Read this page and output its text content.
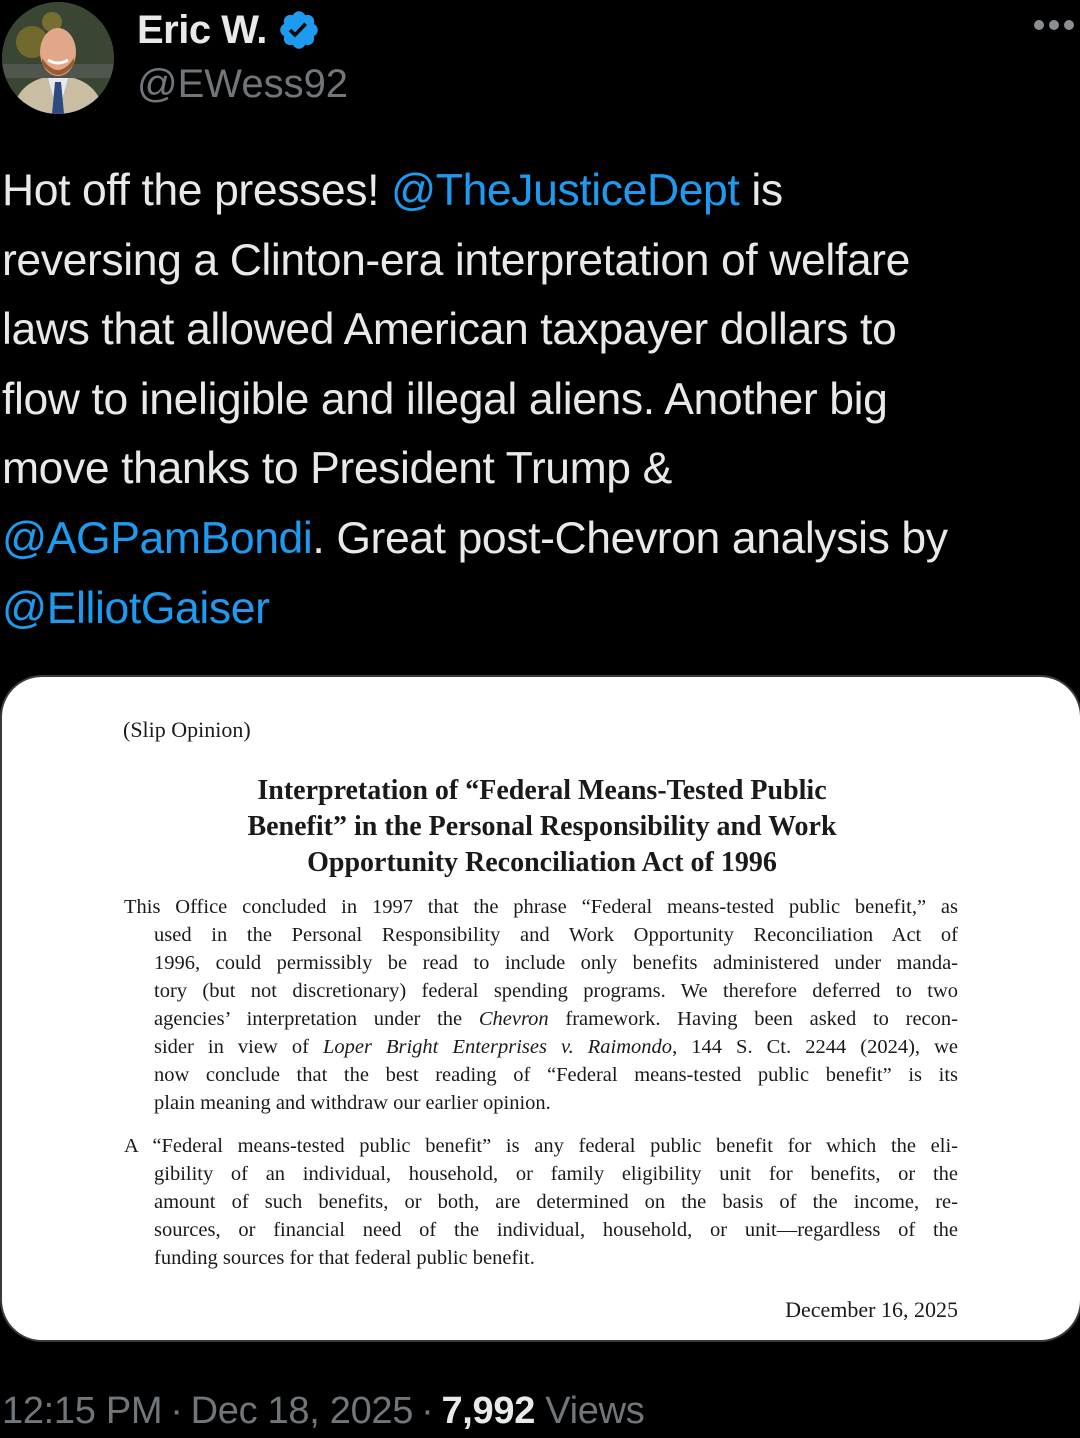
Eric W.
@EWess92
Hot off the presses! @TheJusticeDept is
reversing a Clinton-era interpretation of welfare
laws that allowed American taxpayer dollars to
flow to ineligible and illegal aliens. Another big
move thanks to President Trump &
@AGPamBondi. Great post-Chevron analysis by
@ElliotGaiser
(Slip Opinion)
Interpretation of “Federal Means-Tested Public
Benefit” in the Personal Responsibility and Work
Opportunity Reconciliation Act of 1996
This Office concluded in 1997 that the phrase “Federal means-tested public benefit,” as
used in the Personal Responsibility and Work Opportunity Reconciliation Act of
1996, could permissibly be read to include only benefits administered under manda-
tory (but not discretionary) federal spending programs. We therefore deferred to two
agencies’ interpretation under the Chevron framework. Having been asked to recon-
sider in view of Loper Bright Enterprises v. Raimondo, 144 S. Ct. 2244 (2024), we
now conclude that the best reading of “Federal means-tested public benefit” is its
plain meaning and withdraw our earlier opinion.
A “Federal means-tested public benefit” is any federal public benefit for which the eli-
gibility of an individual, household, or family eligibility unit for benefits, or the
amount of such benefits, or both, are determined on the basis of the income, re-
sources, or financial need of the individual, household, or unit—regardless of the
funding sources for that federal public benefit.
December 16, 2025
12:15 PM · Dec 18, 2025 · 7,992 Views
